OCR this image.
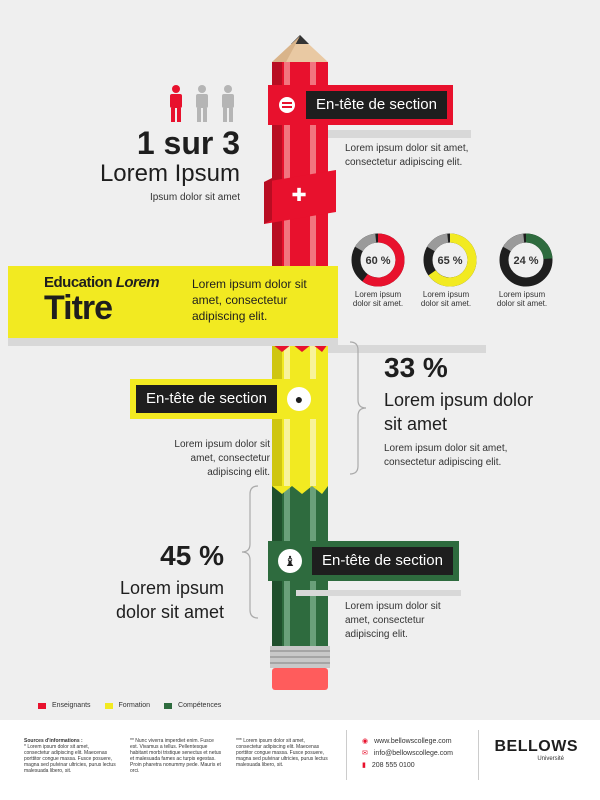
✚
1 sur 3
Lorem Ipsum
Ipsum dolor sit amet
En-tête de section
Lorem ipsum dolor sit amet, consectetur adipiscing elit.
60 %	65 %	24 %
Lorem ipsum dolor sit amet.
Lorem ipsum dolor sit amet.
Lorem ipsum dolor sit amet.
Education Lorem
Titre
Lorem ipsum dolor sit amet, consectetur adipiscing elit.
En-tête de section	●
Lorem ipsum dolor sit amet, consectetur adipiscing elit.
33 %
Lorem ipsum dolor sit amet
Lorem ipsum dolor sit amet, consectetur adipiscing elit.
♝	En-tête de section
Lorem ipsum dolor sit amet, consectetur adipiscing elit.
45 %
Lorem ipsum dolor sit amet
Enseignants	Formation	Compétences
Sources d'informations :
* Lorem ipsum dolor sit amet, consectetur adipiscing elit. Maecenas porttitor congue massa. Fusce posuere, magna sed pulvinar ultricies, purus lectus malesuada libero, sit.
** Nunc viverra imperdiet enim. Fusce est. Vivamus a tellus. Pellentesque habitant morbi tristique senectus et netus et malesuada fames ac turpis egestas. Proin pharetra nonummy pede. Mauris et orci.
*** Lorem ipsum dolor sit amet, consectetur adipiscing elit. Maecenas porttitor congue massa. Fusce posuere, magna sed pulvinar ultricies, purus lectus malesuada libero, sit.
◉ www.bellowscollege.com
✉ info@bellowscollege.com
▮ 208 555 0100
BELLOWS
Université
